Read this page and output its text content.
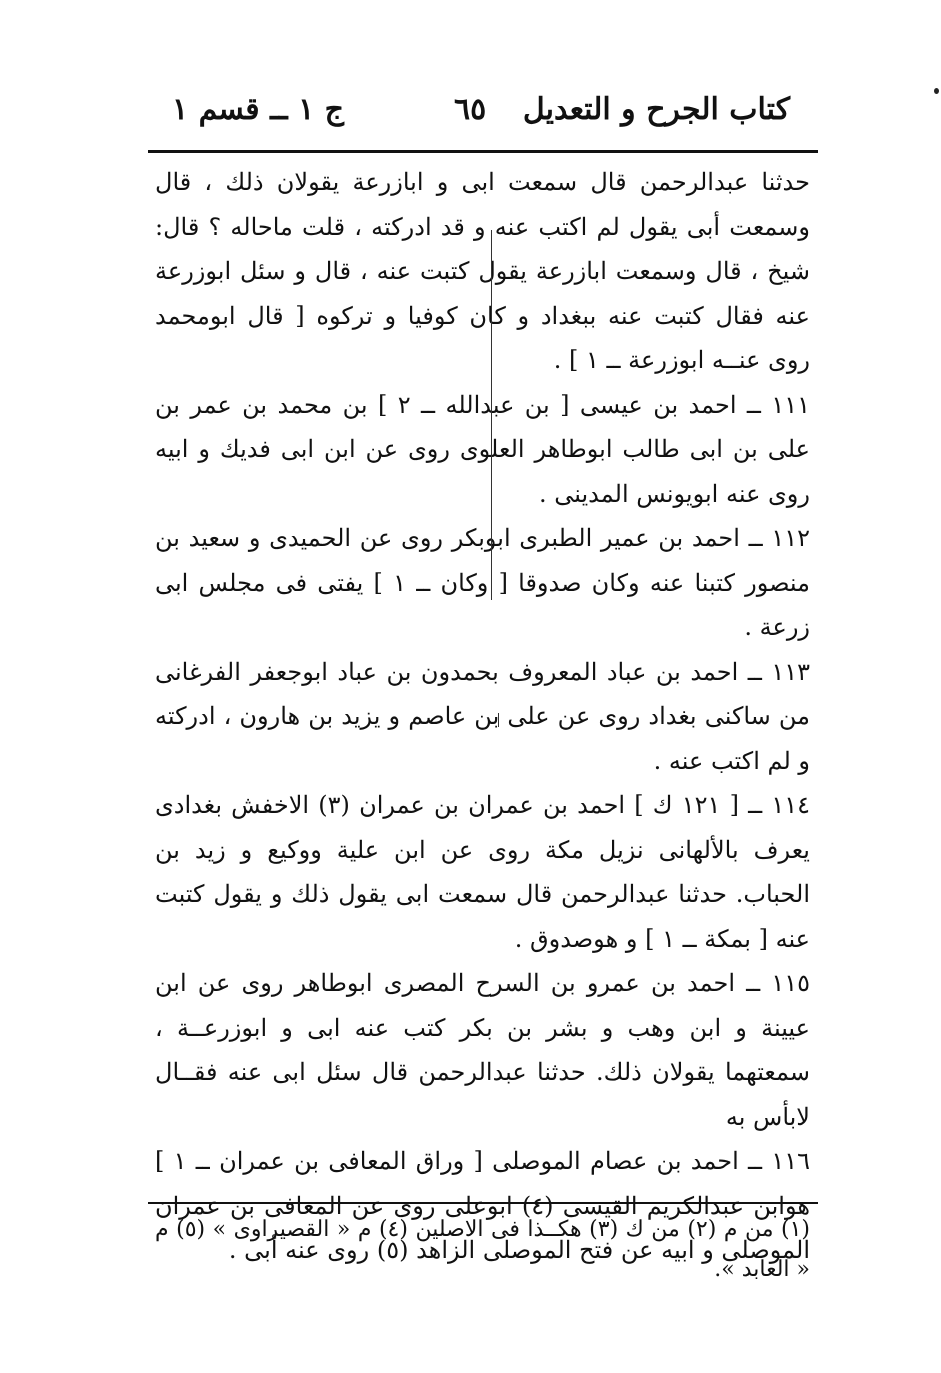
كتاب الجرح و التعديل
٦٥
ج ١ ــ قسم ١

حدثنا عبدالرحمن قال سمعت ابى و ابازرعة يقولان ذلك ، قال وسمعت أبى يقول لم اكتب عنه و قد ادركته ، قلت ماحاله ؟ قال: شيخ ، قال وسمعت ابازرعة يقول كتبت عنه ، قال و سئل ابوزرعة عنه فقال كتبت عنه ببغداد و كان كوفيا و تركوه [ قال ابومحمد روى عنــه ابوزرعة ــ ١ ] .

١١١ ــ احمد بن عيسى [ بن عبدالله ــ ٢ ] بن محمد بن عمر بن على بن ابى طالب ابوطاهر العلوى روى عن ابن ابى فديك و ابيه روى عنه ابويونس المدينى .

١١٢ ــ احمد بن عمير الطبرى ابوبكر روى عن الحميدى و سعيد بن منصور كتبنا عنه وكان صدوقا [ وكان ــ ١ ] يفتى فى مجلس ابى زرعة .

١١٣ ــ احمد بن عباد المعروف بحمدون بن عباد ابوجعفر الفرغانى من ساكنى بغداد روى عن على بن عاصم و يزيد بن هارون ، ادركته و لم اكتب عنه .

١١٤ ــ [ ١٢١ ك ] احمد بن عمران بن عمران (٣) الاخفش بغدادى يعرف بالألهانى نزيل مكة روى عن ابن علية ووكيع و زيد بن الحباب. حدثنا عبدالرحمن قال سمعت ابى يقول ذلك و يقول كتبت عنه [ بمكة ــ ١ ] و هوصدوق .

١١٥ ــ احمد بن عمرو بن السرح المصرى ابوطاهر روى عن ابن عيينة و ابن وهب و بشر بن بكر كتب عنه ابى و ابوزرعــة ، سمعتهما يقولان ذلك. حدثنا عبدالرحمن قال سئل ابى عنه فقــال لابأس به

١١٦ ــ احمد بن عصام الموصلى [ وراق المعافى بن عمران ــ ١ ] هوابن عبدالكريم القيسى (٤) ابوعلى روى عن المعافى بن عمران الموصلى و ابيه عن فتح الموصلى الزاهد (٥) روى عنه أبى .

(١) من م (٢) من ك (٣) هكــذا فى الاصلين (٤) م « القصيراوى » (٥) م « العابد ».
